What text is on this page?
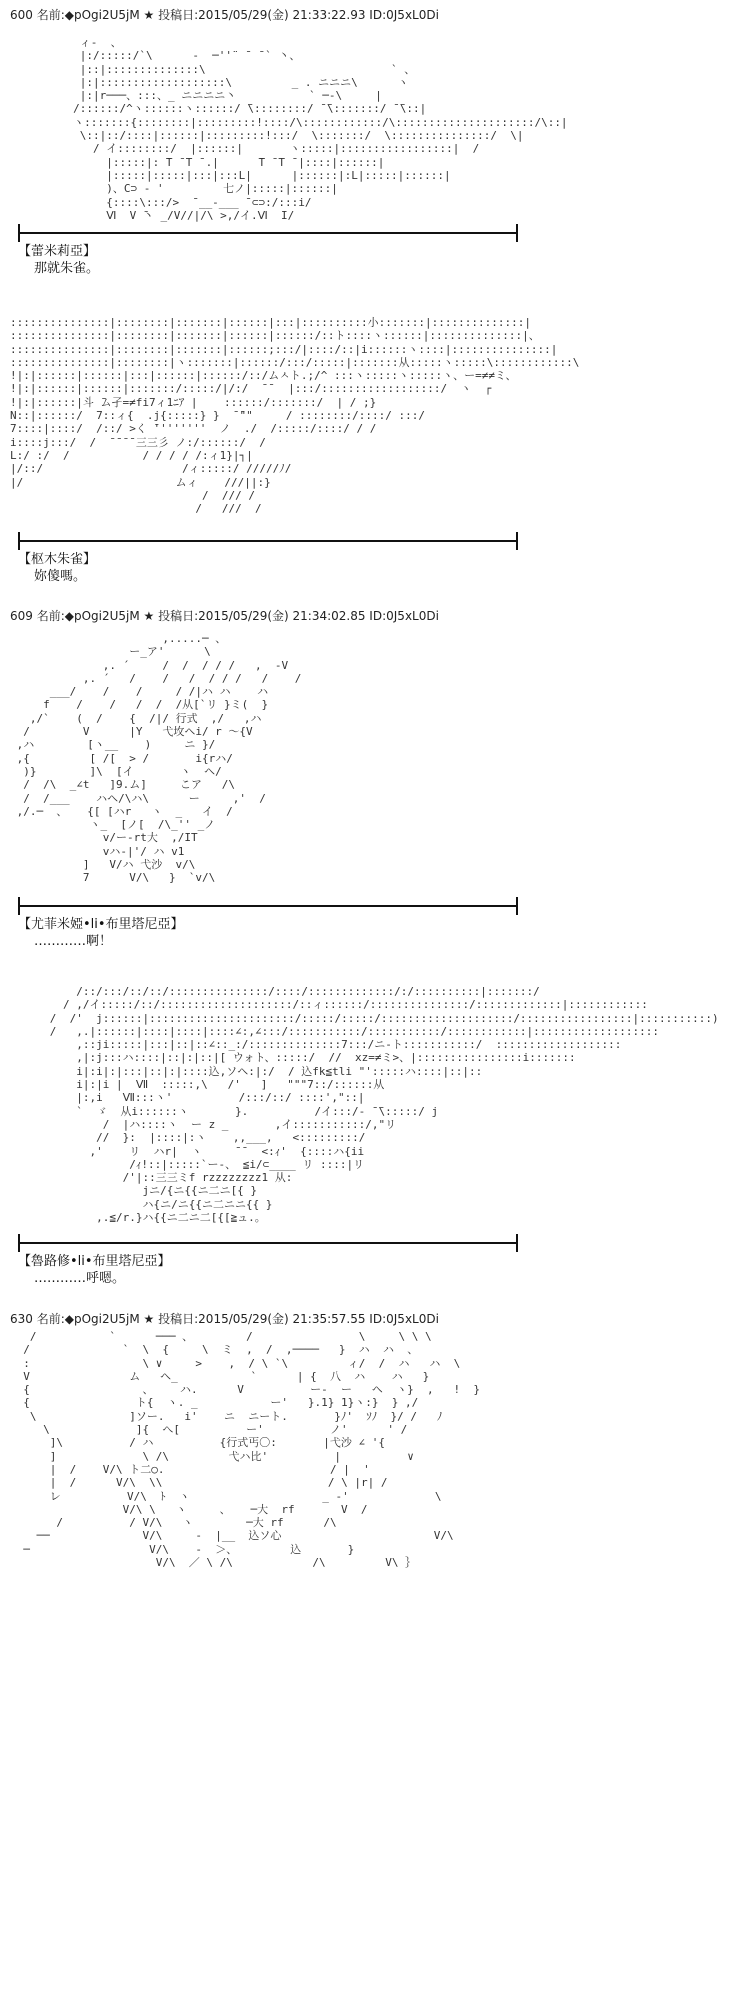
600 名前:◆pOgi2U5jM ★ 投稿日:2015/05/29(金) 21:33:22.93 ID:0J5xL0Di
ィ-  、
|:/:::::/`\      -  ─''¨ ̄  ̄ ` 丶、
|::|::::::::::::::\                            ` 、
|:|:::::::::::::::::::\         _ . ニニニ\      ヽ
|:|r───、:::、_ ニニニニ丶           ` ─-\     |
/::::::/^ヽ::::::ヽ::::::/ ̄\::::::::/ ̄ ̄\:::::::/ ̄ ̄\::|
ヽ:::::::{::::::::|:::::::::!::::/\::::::::::::/\:::::::::::::::::::::/\::|
\::|::/::::|::::::|:::::::::!:::/  \:::::::/  \:::::::::::::::/  \|
/ イ::::::::/  |::::::|       ヽ:::::|:::::::::::::::::|  /
|:::::|: ̄T ̄ T ̄ .|      ̄T ̄ T ̄ |::::|::::::|
|:::::|:::::|:::|:::L|      |::::::|:L|:::::|::::::|
)、C⊃ - '         七ノ|:::::|::::::|
{::::\:::/>  ̄ __-___ ̄ ⊂⊃:/:::i/
Ⅵ  V ̄丶 _/V//|/\ >,/イ.Ⅵ  I/
【蕾米莉亞】
那就朱雀。
:::::::::::::::|::::::::|:::::::|::::::|:::|::::::::::小:::::::|::::::::::::::|
:::::::::::::::|::::::::|:::::::|::::::|::::::/::ト::::ヽ::::::|::::::::::::::|、
:::::::::::::::|::::::::|:::::::|::::::;:::/|::::/::|i::::::ヽ::::|:::::::::::::::|
:::::::::::::::|::::::::|ヽ:::::::|::::::/:::/:::::|:::::::从:::::ヽ:::::\::::::::::::\
!|:|::::::|::::::|:::|::::::|::::::/::/ムㅅト.;/^ :::ヽ:::::ヽ:::::ヽ、ー=≠≠ミ、
!|:|::::::|::::::|:::::::/:::::/|/:/  ̄ ̄   |:::/::::::::::::::::::/  ヽ  ┌
!|:|::::::|斗 ̄ム孑=≠fi7ィ1ﾆｱ |    ::::::/:::::::/  | / ;}
N::|::::::/  7::ィ{  .j{:::::} }  ̄ ̄""     / ::::::::/::::/ :::/
7::::|::::/  /::/ >く ̄''''''''  ノ  ./  /:::::/::::/ / /
i::::j:::/  /  ̄ ̄ ̄ ̄ 三三彡 ノ:/::::::/  /
L:/ :/  /           / / / / /:ィ1}|┐|
|/::/                     /ィ:::::/ /////ﾉ/
|/                       ムィ    ///||:}
/  /// /
/   ///  /
【枢木朱雀】
妳傻嗎。
609 名前:◆pOgi2U5jM ★ 投稿日:2015/05/29(金) 21:34:02.85 ID:0J5xL0Di
,.....─ 、
ー_ア'      \
,. ´     /  /  / / /   ,  -V
,. ´   /    /   /  / / /   /    /
___/    /    /     / /|ハ ハ    ハ
f    /    /   /  /  /从[`リ }ミ(  }
,/`    (  /    {  /|/ 行式  ,/   ,ハ
/        V      |Y   弋坆ヘi/ r 〜{V
,ハ        [ヽ__    )     ニ }/
,{         [ /[  > /       i{rハ/
)}        ]\  [イ       ヽ  ヘ/
/  /\  _∠t   ]9.ム]     こア   /\
/  /___    ハヘ/\ハ\      ー     ,'  /
,/.─  、   {[ [ハr   ヽ  _   イ  /
ヽ_  [ノ[  /\_'' _ノ
v/ー-rt大  ,/IT
vハ-|'/ ハ v1
]   V/ハ 弋沙  v/\
7      V/\   }  `v/\
【尤菲米婭•li•布里塔尼亞】
…………啊！
/::/:::/::/::/:::::::::::::::/::::/:::::::::::::/:/::::::::::|:::::::/
/ ,/イ:::::/::/::::::::::::::::::::/::ィ::::::/:::::::::::::::/:::::::::::::|::::::::::::
/  /'  j::::::|::::::::::::::::::::::/:::::/:::::/::::::::::::::::::::/:::::::::::::::::|:::::::::::)
/   ,.|::::::|::::|::::|::::∠:,∠:::/:::::::::::/:::::::::::/::::::::::::|:::::::::::::::::::
,::ji:::::|:::|::|::∠::_:/::::::::::::::7:::/ニ-ト:::::::::::/  :::::::::::::::::::
,|:j:::ハ::::|::|:|::|[ ︎ウォト、:::::/  //  xz=≠ミ>、|::::::::::::::::i:::::::
i|:i|:|:::|::|:|::::込,ソヘ:|:/  / 込fk≦tli "':::::ハ::::|::|::
i|:|i |  Ⅶ  :::::,\   /'   ]   """7::/::::::从
|:,i   Ⅶ:::ヽ'          /:::/::/ ::::',"::|
`  ゞ  从i::::::ヽ       }.          /イ:::/- ̄ ̄\:::::/ j
/  |ハ::::ヽ  ー z _       ,イ:::::::::::/,"リ
//  }:  |::::|:ヽ    ,,___,   <:::::::::/
,'    リ  ハr|  ヽ     ̄ ̄   <:ｨ'  {::::ハ{ii
/ｨ!::|:::::`ー-、 ≦i/⊂____ リ ::::|リ
/'|::三三ミf rzzzzzzzz1 从:
jニ/{ニ{{ニ二ニ[{ }
ハ{ニ/ニ{{ニ二ニニ{{ }
,.≦/r.}ハ{{ニ二ニ二[{[≧ュ.。
【魯路修•li•布里塔尼亞】
…………呼嗯。
630 名前:◆pOgi2U5jM ★ 投稿日:2015/05/29(金) 21:35:57.55 ID:0J5xL0Di
/           `      ─── 、        /                \     \ \ \
/              `  \  {     \  ミ  ,  /  ,────   }  ハ  ハ  、
:                 \ ∨     >    ,  / \ `\         ィ/  /  ハ   ハ  \
V               ム   ヘ_           `      | {  八  ハ    ハ   }
{                 、    ハ.      V          ー-  ー   ヘ  ヽ}  ,   !  }
{                ト{  ヽ. _           ー'   }.1} 1}ヽ:}  } ,/
\              ]ソー.   i'    ニ  ニート.       }ﾉ'  ｿﾉ  }/ /   ﾉ
\             ]{  へ[          ー'          ノ'      ' /
]\          / ハ          {行式丐〇:       |弋沙 ∠ '{
]             \ /\         弋ハ比'          |          ∨
|  /    V/\ ト二○.                         / |  '
|  /      V/\  \\                         / \ |r| /
レ          V/\  ﾄ  ヽ                    _ -'             \
V/\ \   ヽ     、   ─大  rf       V  /
/          / V/\   ヽ        ─大 rf      /\
──              V/\     -  |__  込ソ心                       V/\
─                  V/\    -  ＞、        込       }
V/\  ／ \ /\            /\         V\ ｝
